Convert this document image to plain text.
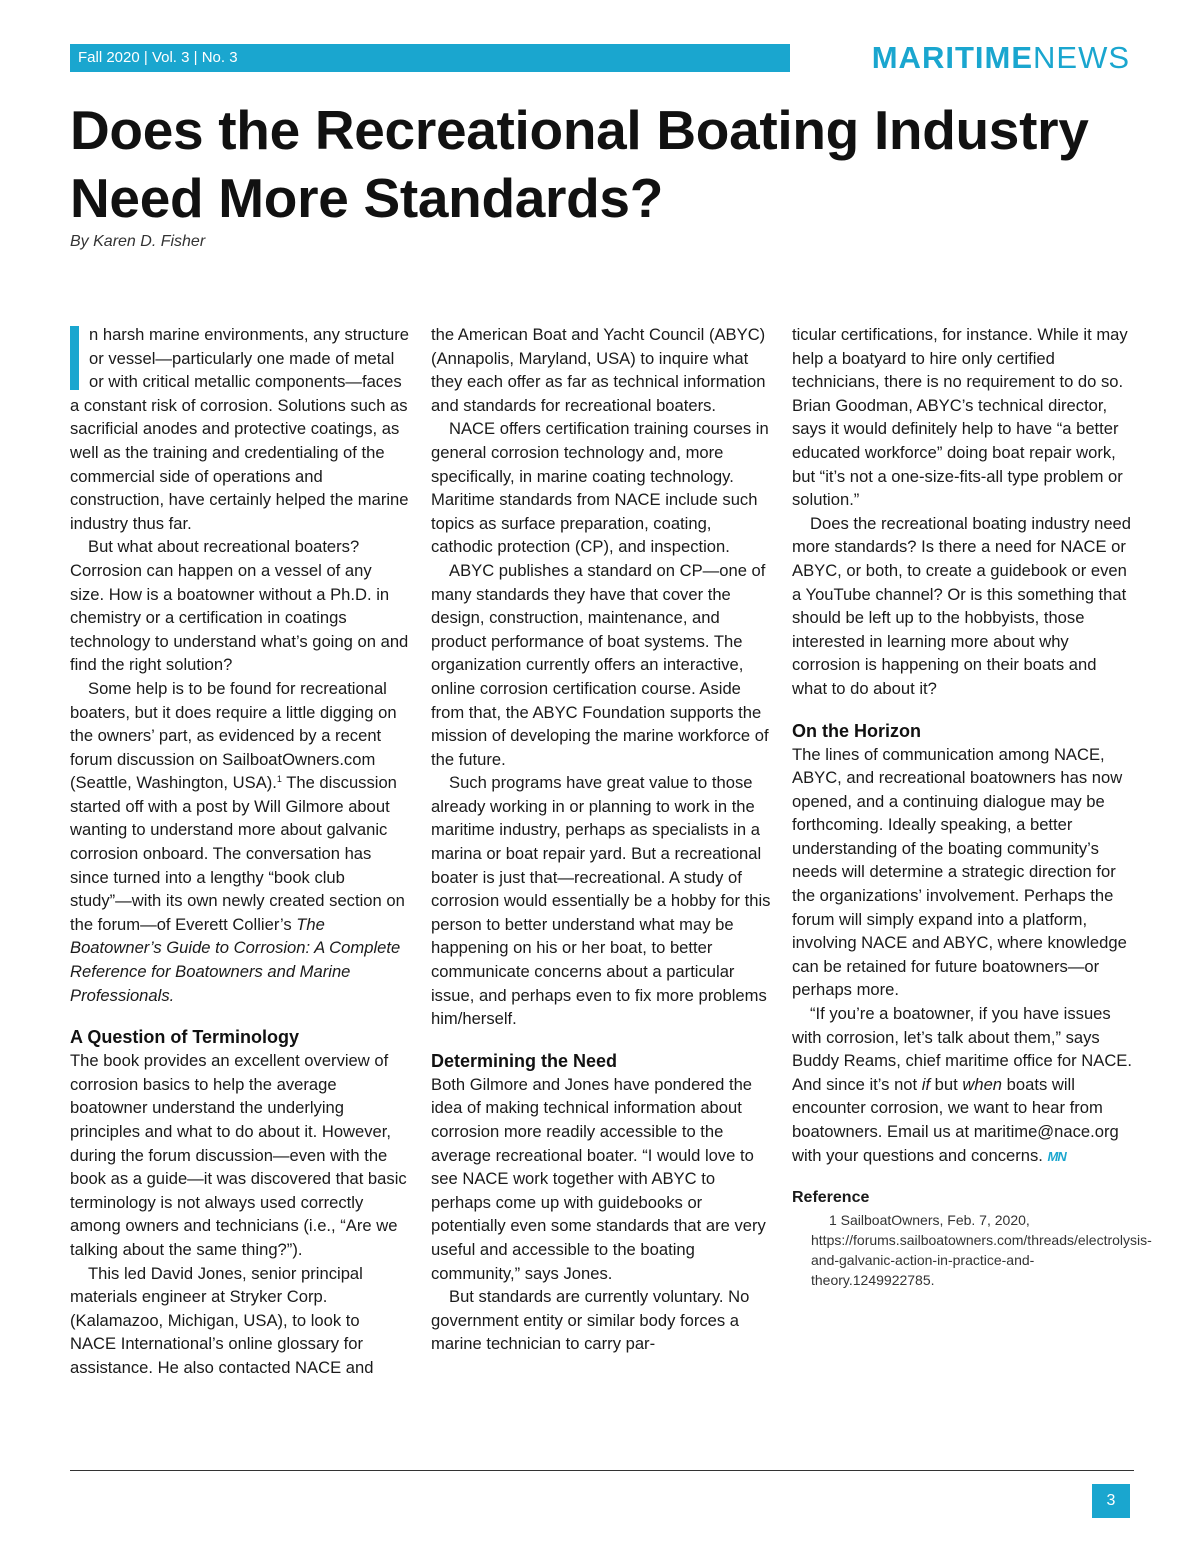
Fall 2020 | Vol. 3 | No. 3	MARITIMENEWS
Does the Recreational Boating Industry Need More Standards?
By Karen D. Fisher

n harsh marine environments, any structure or vessel—particularly one made of metal or with critical metallic components—faces a constant risk of corrosion. Solutions such as sacrificial anodes and protective coatings, as well as the training and credentialing of the commercial side of operations and construction, have certainly helped the marine industry thus far.

But what about recreational boaters? Corrosion can happen on a vessel of any size. How is a boatowner without a Ph.D. in chemistry or a certification in coatings technology to understand what’s going on and find the right solution?

Some help is to be found for recreational boaters, but it does require a little digging on the owners’ part, as evidenced by a recent forum discussion on SailboatOwners.com (Seattle, Washington, USA).$^1$ The discussion started off with a post by Will Gilmore about wanting to understand more about galvanic corrosion onboard. The conversation has since turned into a lengthy “book club study”—with its own newly created section on the forum—of Everett Collier’s The Boatowner’s Guide to Corrosion: A Complete Reference for Boatowners and Marine Professionals.

A Question of Terminology

The book provides an excellent overview of corrosion basics to help the average boatowner understand the underlying principles and what to do about it. However, during the forum discussion—even with the book as a guide—it was discovered that basic terminology is not always used correctly among owners and technicians (i.e., “Are we talking about the same thing?”).

This led David Jones, senior principal materials engineer at Stryker Corp. (Kalamazoo, Michigan, USA), to look to NACE International’s online glossary for assistance. He also contacted NACE and

the American Boat and Yacht Council (ABYC) (Annapolis, Maryland, USA) to inquire what they each offer as far as technical information and standards for recreational boaters.

NACE offers certification training courses in general corrosion technology and, more specifically, in marine coating technology. Maritime standards from NACE include such topics as surface preparation, coating, cathodic protection (CP), and inspection.

ABYC publishes a standard on CP—one of many standards they have that cover the design, construction, maintenance, and product performance of boat systems. The organization currently offers an interactive, online corrosion certification course. Aside from that, the ABYC Foundation supports the mission of developing the marine workforce of the future.

Such programs have great value to those already working in or planning to work in the maritime industry, perhaps as specialists in a marina or boat repair yard. But a recreational boater is just that—recreational. A study of corrosion would essentially be a hobby for this person to better understand what may be happening on his or her boat, to better communicate concerns about a particular issue, and perhaps even to fix more problems him/herself.

Determining the Need

Both Gilmore and Jones have pondered the idea of making technical information about corrosion more readily accessible to the average recreational boater. “I would love to see NACE work together with ABYC to perhaps come up with guidebooks or potentially even some standards that are very useful and accessible to the boating community,” says Jones.

But standards are currently voluntary. No government entity or similar body forces a marine technician to carry par-

ticular certifications, for instance. While it may help a boatyard to hire only certified technicians, there is no requirement to do so. Brian Goodman, ABYC’s technical director, says it would definitely help to have “a better educated workforce” doing boat repair work, but “it’s not a one-size-fits-all type problem or solution.”

Does the recreational boating industry need more standards? Is there a need for NACE or ABYC, or both, to create a guidebook or even a YouTube channel? Or is this something that should be left up to the hobbyists, those interested in learning more about why corrosion is happening on their boats and what to do about it?

On the Horizon

The lines of communication among NACE, ABYC, and recreational boatowners has now opened, and a continuing dialogue may be forthcoming. Ideally speaking, a better understanding of the boating community’s needs will determine a strategic direction for the organizations’ involvement. Perhaps the forum will simply expand into a platform, involving NACE and ABYC, where knowledge can be retained for future boatowners—or perhaps more.

“If you’re a boatowner, if you have issues with corrosion, let’s talk about them,” says Buddy Reams, chief maritime office for NACE. And since it’s not if but when boats will encounter corrosion, we want to hear from boatowners. Email us at maritime@nace.org with your questions and concerns. MN

Reference

1 SailboatOwners, Feb. 7, 2020, https://forums.sailboatowners.com/threads/electrolysis-and-galvanic-action-in-practice-and-theory.1249922785.

3
